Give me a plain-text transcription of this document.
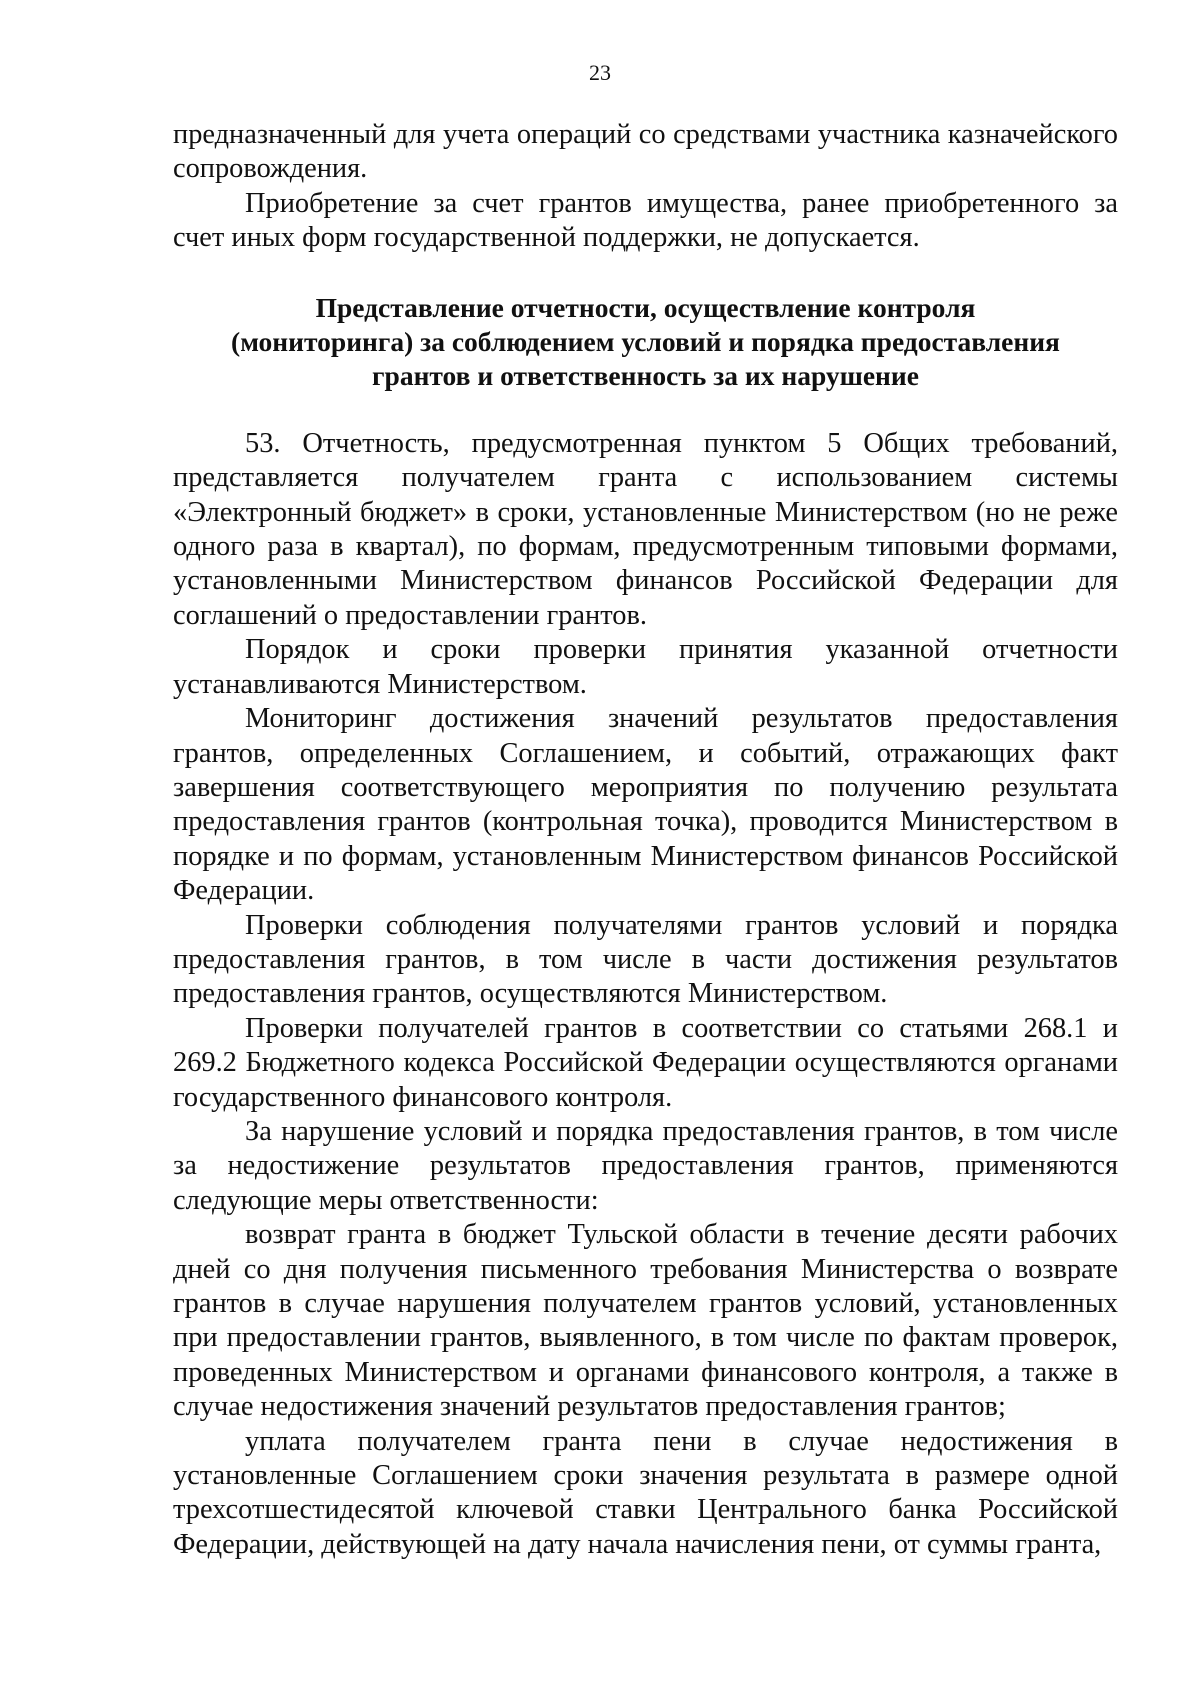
23

предназначенный для учета операций со средствами участника казначейского сопровождения.

Приобретение за счет грантов имущества, ранее приобретенного за счет иных форм государственной поддержки, не допускается.

Представление отчетности, осуществление контроля
(мониторинга) за соблюдением условий и порядка предоставления
грантов и ответственность за их нарушение

53. Отчетность, предусмотренная пунктом 5 Общих требований, представляется получателем гранта с использованием системы «Электронный бюджет» в сроки, установленные Министерством (но не реже одного раза в квартал), по формам, предусмотренным типовыми формами, установленными Министерством финансов Российской Федерации для соглашений о предоставлении грантов.

Порядок и сроки проверки принятия указанной отчетности устанавливаются Министерством.

Мониторинг достижения значений результатов предоставления грантов, определенных Соглашением, и событий, отражающих факт завершения соответствующего мероприятия по получению результата предоставления грантов (контрольная точка), проводится Министерством в порядке и по формам, установленным Министерством финансов Российской Федерации.

Проверки соблюдения получателями грантов условий и порядка предоставления грантов, в том числе в части достижения результатов предоставления грантов, осуществляются Министерством.

Проверки получателей грантов в соответствии со статьями 268.1 и 269.2 Бюджетного кодекса Российской Федерации осуществляются органами государственного финансового контроля.

За нарушение условий и порядка предоставления грантов, в том числе за недостижение результатов предоставления грантов, применяются следующие меры ответственности:

возврат гранта в бюджет Тульской области в течение десяти рабочих дней со дня получения письменного требования Министерства о возврате грантов в случае нарушения получателем грантов условий, установленных при предоставлении грантов, выявленного, в том числе по фактам проверок, проведенных Министерством и органами финансового контроля, а также в случае недостижения значений результатов предоставления грантов;

уплата получателем гранта пени в случае недостижения в установленные Соглашением сроки значения результата в размере одной трехсотшестидесятой ключевой ставки Центрального банка Российской Федерации, действующей на дату начала начисления пени, от суммы гранта,
